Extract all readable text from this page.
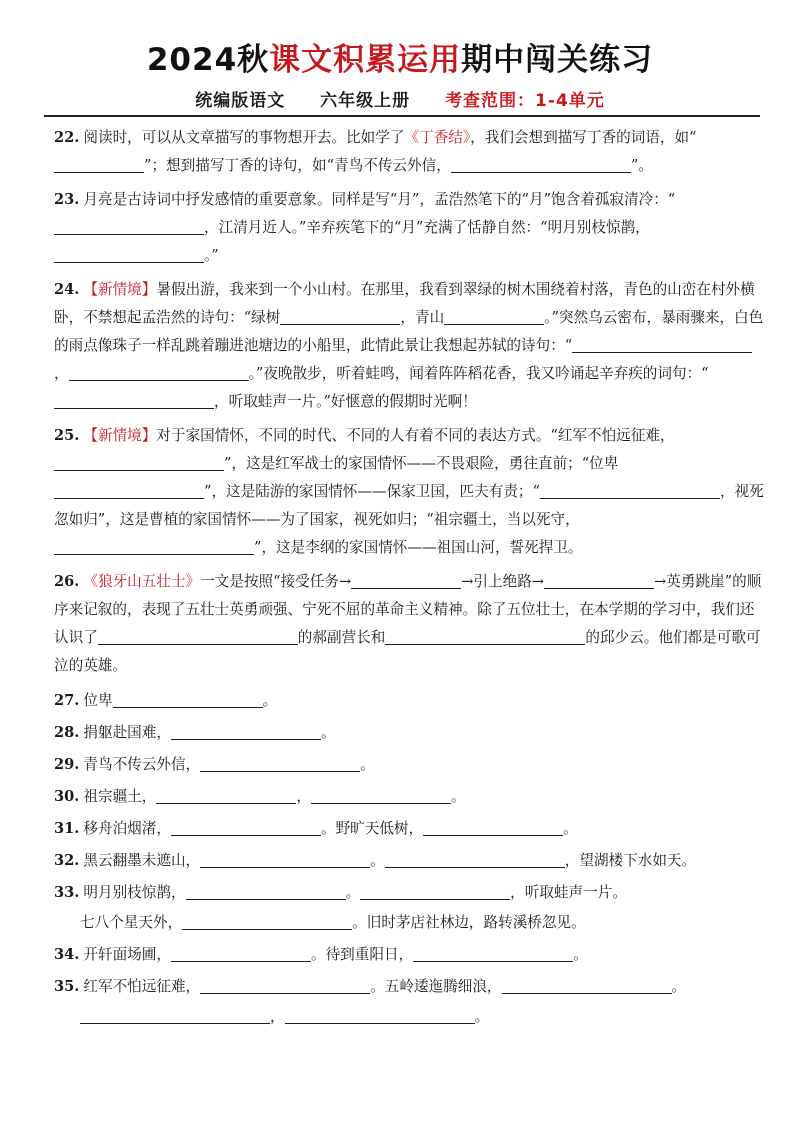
2024秋课文积累运用期中闯关练习
统编版语文 六年级上册 考查范围：1-4单元
22. 阅读时，可以从文章描写的事物想开去。比如学了《丁香结》，我们会想到描写丁香的词语，如“”；想到描写丁香的诗句，如“青鸟不传云外信，	”。
23. 月亮是古诗词中抒发感情的重要意象。同样是写“月”，孟浩然笔下的“月”饱含着孤寂清冷：“，江清月近人。”辛弃疾笔下的“月”充满了恬静自然：“明月别枝惊鹊，。”
24. 【新情境】暑假出游，我来到一个小山村。在那里，我看到翠绿的树木围绕着村落，青色的山峦在村外横卧，不禁想起孟浩然的诗句：“绿树	，青山	。”突然乌云密布，暴雨骤来，白色的雨点像珠子一样乱跳着蹦进池塘边的小船里，此情此景让我想起苏轼的诗句：“，	。”夜晚散步，听着蛙鸣，闻着阵阵稻花香，我又吟诵起辛弃疾的词句：“，听取蛙声一片。”好惬意的假期时光啊！
25. 【新情境】对于家国情怀，不同的时代、不同的人有着不同的表达方式。“红军不怕远征难，”，这是红军战士的家国情怀——不畏艰险，勇往直前；“位卑”，这是陆游的家国情怀——保家卫国，匹夫有责；“	，视死忽如归”，这是曹植的家国情怀——为了国家，视死如归；“祖宗疆土，当以死守，”，这是李纲的家国情怀——祖国山河，誓死捍卫。
26. 《狼牙山五壮士》一文是按照“接受任务→	→引上绝路→	→英勇跳崖”的顺序来记叙的，表现了五壮士英勇顽强、宁死不屈的革命主义精神。除了五位壮士，在本学期的学习中，我们还认识了	的郝副营长和	的邱少云。他们都是可歌可泣的英雄。
27. 位卑	。
28. 捐躯赴国难，	。
29. 青鸟不传云外信，	。
30. 祖宗疆土，	，	。
31. 移舟泊烟渚，	。野旷天低树，	。
32. 黑云翻墨未遮山，	。	，望湖楼下水如天。
33. 明月别枝惊鹊，	。	，听取蛙声一片。
七八个星天外，	。旧时茅店社林边，路转溪桥忽见。
34. 开轩面场圃，	。待到重阳日，	。
35. 红军不怕远征难，	。五岭逶迤腾细浪，	。
，	。
